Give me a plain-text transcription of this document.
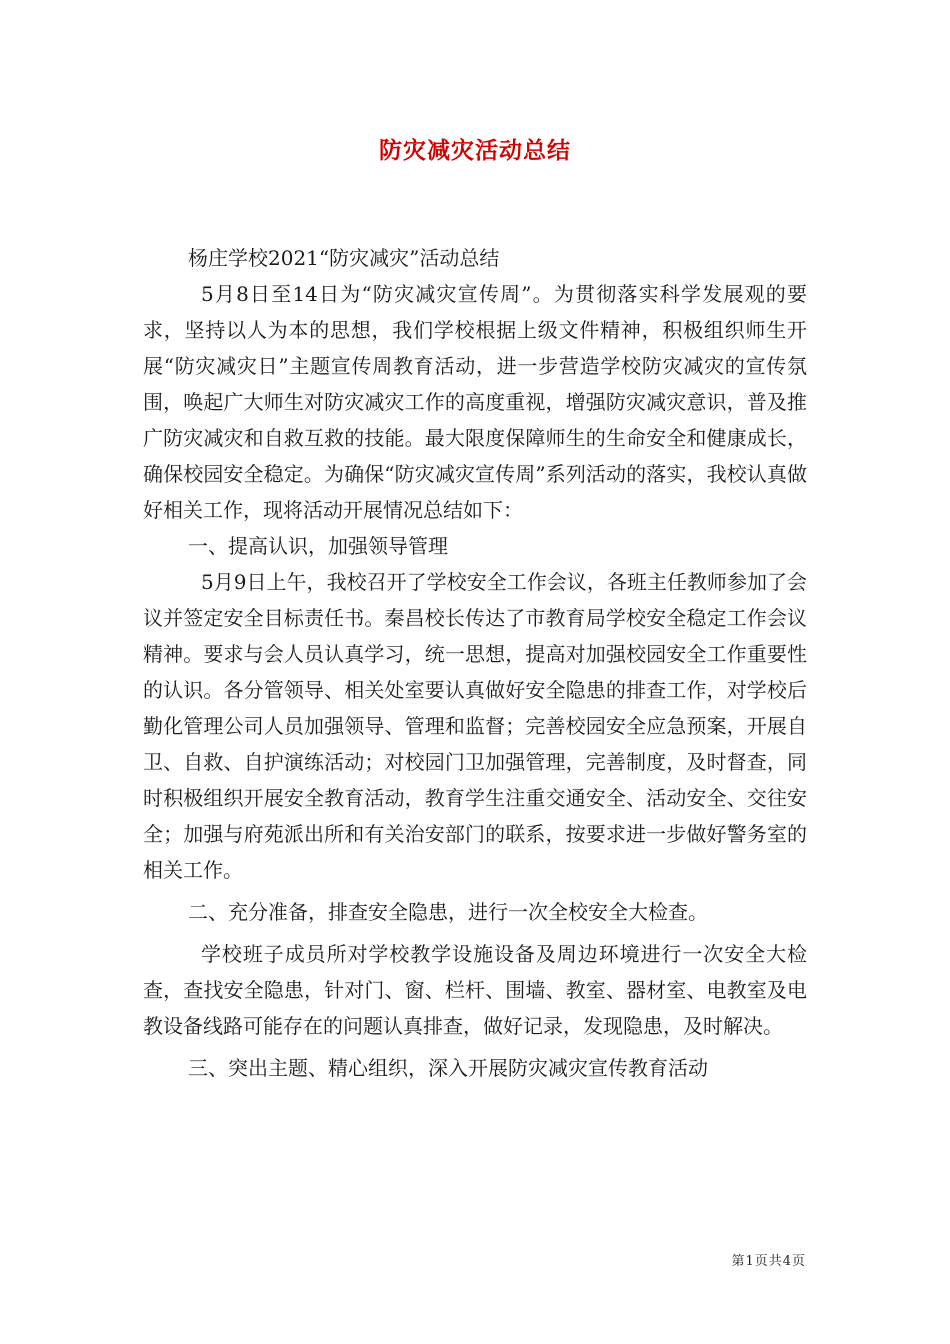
防灾减灾活动总结

杨庄学校2021“防灾减灾”活动总结

5月8日至14日为“防灾减灾宣传周”。为贯彻落实科学发展观的要求，坚持以人为本的思想，我们学校根据上级文件精神，积极组织师生开展“防灾减灾日”主题宣传周教育活动，进一步营造学校防灾减灾的宣传氛围，唤起广大师生对防灾减灾工作的高度重视，增强防灾减灾意识，普及推广防灾减灾和自救互救的技能。最大限度保障师生的生命安全和健康成长，确保校园安全稳定。为确保“防灾减灾宣传周”系列活动的落实，我校认真做好相关工作，现将活动开展情况总结如下：

一、提高认识，加强领导管理

5月9日上午，我校召开了学校安全工作会议，各班主任教师参加了会议并签定安全目标责任书。秦昌校长传达了市教育局学校安全稳定工作会议精神。要求与会人员认真学习，统一思想，提高对加强校园安全工作重要性的认识。各分管领导、相关处室要认真做好安全隐患的排查工作，对学校后勤化管理公司人员加强领导、管理和监督；完善校园安全应急预案，开展自卫、自救、自护演练活动；对校园门卫加强管理，完善制度，及时督查，同时积极组织开展安全教育活动，教育学生注重交通安全、活动安全、交往安全；加强与府苑派出所和有关治安部门的联系，按要求进一步做好警务室的相关工作。

二、充分准备，排查安全隐患，进行一次全校安全大检查。

学校班子成员所对学校教学设施设备及周边环境进行一次安全大检查，查找安全隐患，针对门、窗、栏杆、围墙、教室、器材室、电教室及电教设备线路可能存在的问题认真排查，做好记录，发现隐患，及时解决。

三、突出主题、精心组织，深入开展防灾减灾宣传教育活动

第1页共4页
